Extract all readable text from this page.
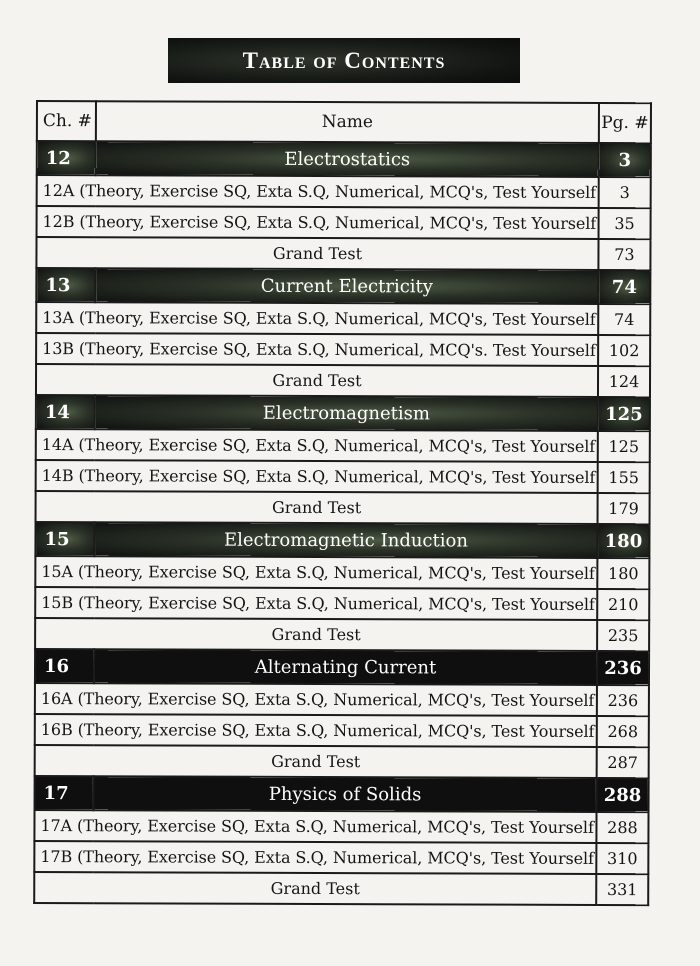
Table of Contents
Ch. #	Name	Pg. #
12	Electrostatics	3
12A (Theory, Exercise SQ, Exta S.Q, Numerical, MCQ's, Test Yourself		3
12B (Theory, Exercise SQ, Exta S.Q, Numerical, MCQ's, Test Yourself		35
Grand Test		73
13	Current Electricity	74
13A (Theory, Exercise SQ, Exta S.Q, Numerical, MCQ's, Test Yourself		74
13B (Theory, Exercise SQ, Exta S.Q, Numerical, MCQ's. Test Yourself		102
Grand Test		124
14	Electromagnetism	125
14A (Theory, Exercise SQ, Exta S.Q, Numerical, MCQ's, Test Yourself		125
14B (Theory, Exercise SQ, Exta S.Q, Numerical, MCQ's, Test Yourself		155
Grand Test		179
15	Electromagnetic Induction	180
15A (Theory, Exercise SQ, Exta S.Q, Numerical, MCQ's, Test Yourself		180
15B (Theory, Exercise SQ, Exta S.Q, Numerical, MCQ's, Test Yourself		210
Grand Test		235
16	Alternating Current	236
16A (Theory, Exercise SQ, Exta S.Q, Numerical, MCQ's, Test Yourself		236
16B (Theory, Exercise SQ, Exta S.Q, Numerical, MCQ's, Test Yourself		268
Grand Test		287
17	Physics of Solids	288
17A (Theory, Exercise SQ, Exta S.Q, Numerical, MCQ's, Test Yourself		288
17B (Theory, Exercise SQ, Exta S.Q, Numerical, MCQ's, Test Yourself		310
Grand Test		331
